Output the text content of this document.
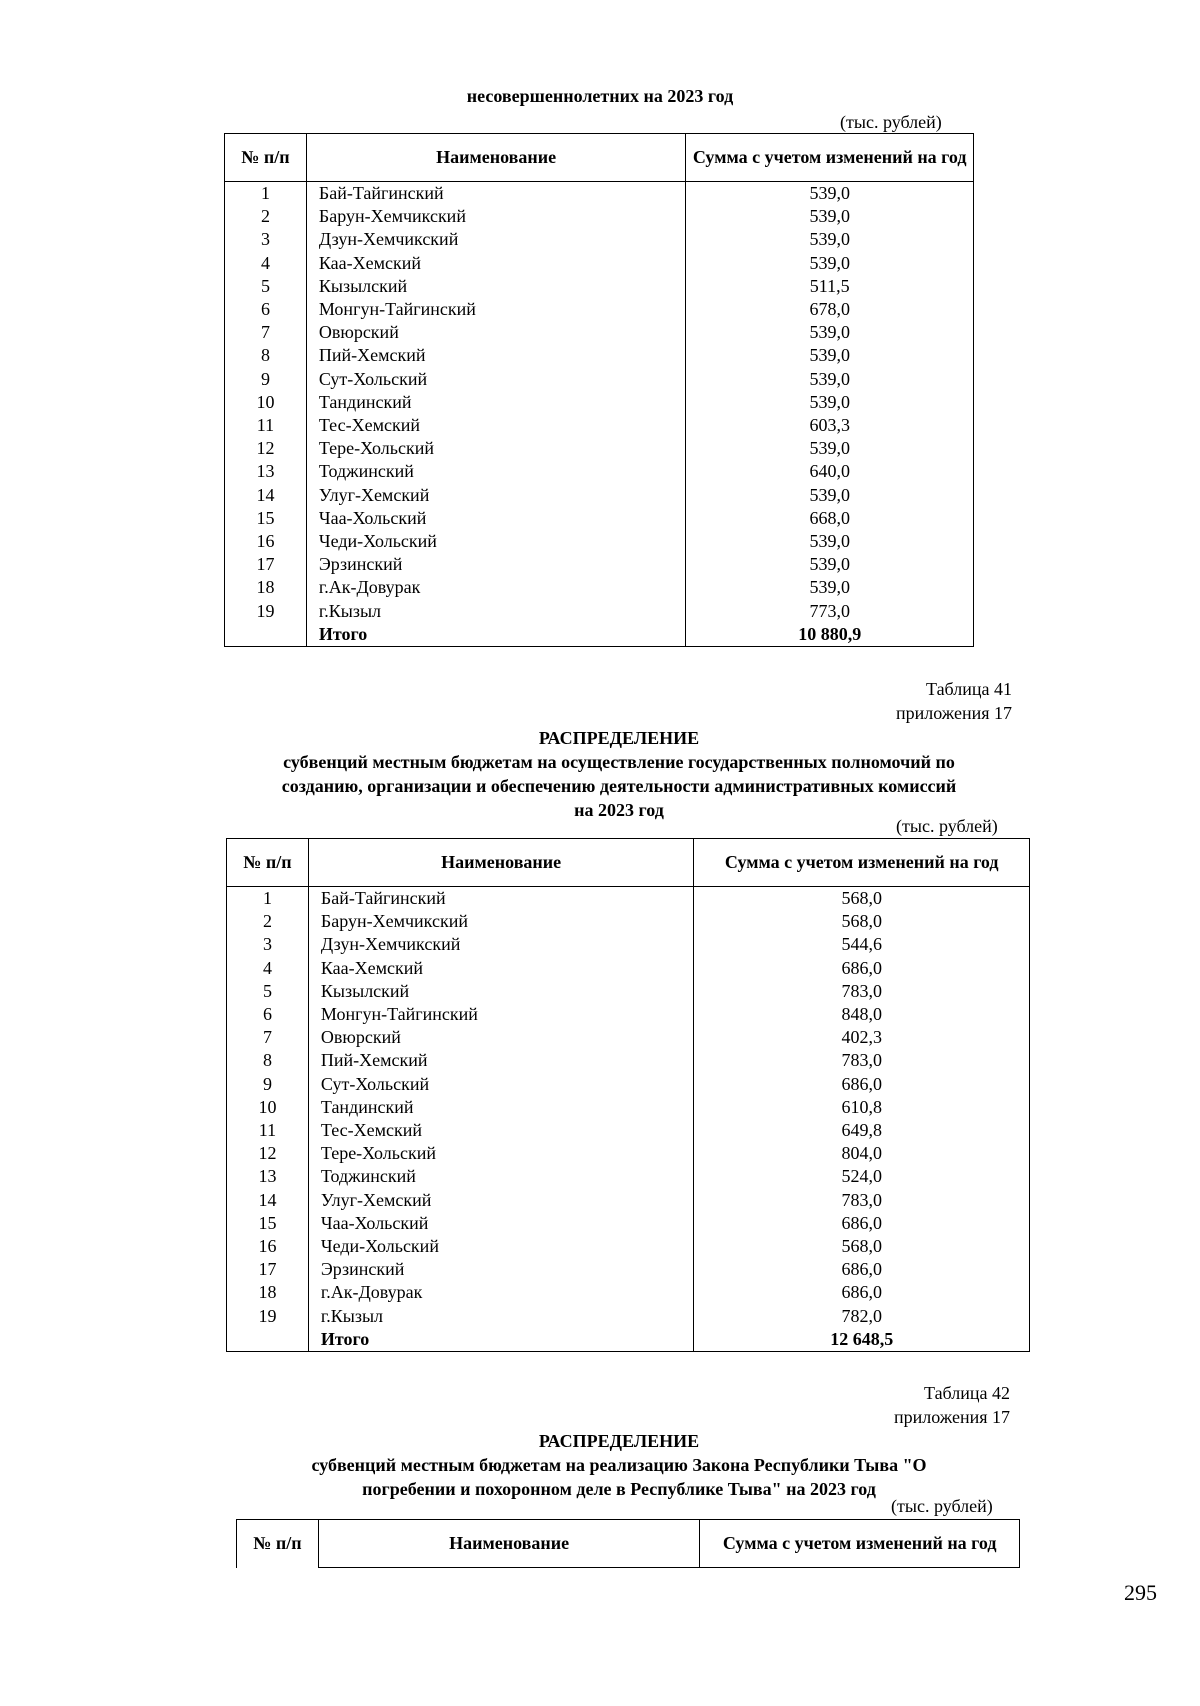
несовершеннолетних на 2023 год
(тыс. рублей)
№ п/п	Наименование	Сумма с учетом изменений на год
1	Бай-Тайгинский	539,0
2	Барун-Хемчикский	539,0
3	Дзун-Хемчикский	539,0
4	Каа-Хемский	539,0
5	Кызылский	511,5
6	Монгун-Тайгинский	678,0
7	Овюрский	539,0
8	Пий-Хемский	539,0
9	Сут-Хольский	539,0
10	Тандинский	539,0
11	Тес-Хемский	603,3
12	Тере-Хольский	539,0
13	Тоджинский	640,0
14	Улуг-Хемский	539,0
15	Чаа-Хольский	668,0
16	Чеди-Хольский	539,0
17	Эрзинский	539,0
18	г.Ак-Довурак	539,0
19	г.Кызыл	773,0
	Итого	10 880,9
Таблица 41
приложения 17
РАСПРЕДЕЛЕНИЕ
субвенций местным бюджетам на осуществление государственных полномочий по
созданию, организации и обеспечению деятельности административных комиссий
на 2023 год
(тыс. рублей)
№ п/п	Наименование	Сумма с учетом изменений на год
1	Бай-Тайгинский	568,0
2	Барун-Хемчикский	568,0
3	Дзун-Хемчикский	544,6
4	Каа-Хемский	686,0
5	Кызылский	783,0
6	Монгун-Тайгинский	848,0
7	Овюрский	402,3
8	Пий-Хемский	783,0
9	Сут-Хольский	686,0
10	Тандинский	610,8
11	Тес-Хемский	649,8
12	Тере-Хольский	804,0
13	Тоджинский	524,0
14	Улуг-Хемский	783,0
15	Чаа-Хольский	686,0
16	Чеди-Хольский	568,0
17	Эрзинский	686,0
18	г.Ак-Довурак	686,0
19	г.Кызыл	782,0
	Итого	12 648,5
Таблица 42
приложения 17
РАСПРЕДЕЛЕНИЕ
субвенций местным бюджетам на реализацию Закона Республики Тыва "О
погребении и похоронном деле в Республике Тыва" на 2023 год
(тыс. рублей)
№ п/п	Наименование	Сумма с учетом изменений на год
295
